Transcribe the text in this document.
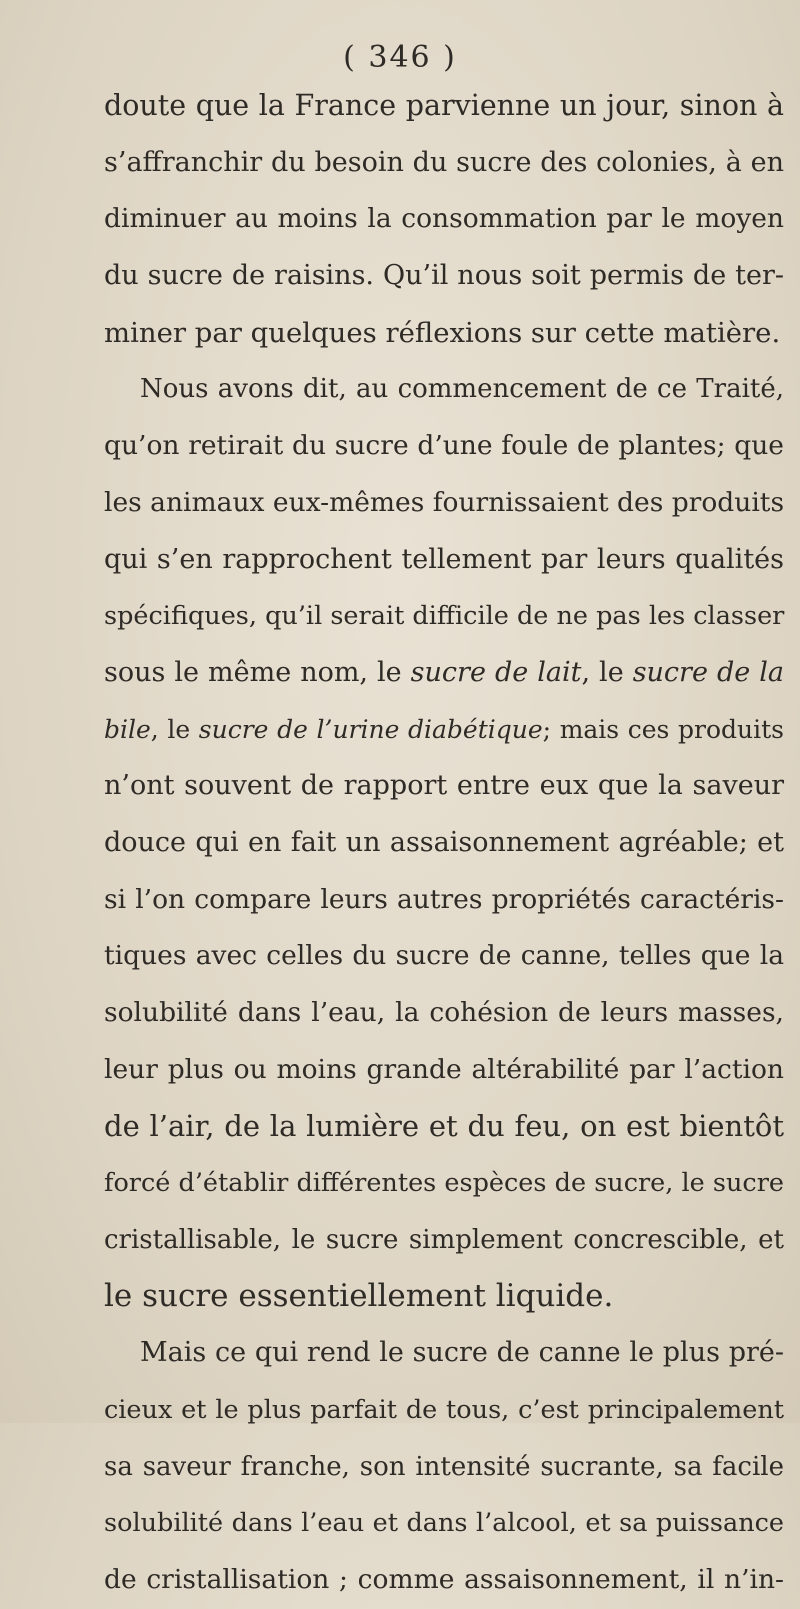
( 346 )
doute que la France parvienne un jour, sinon à
s’affranchir du besoin du sucre des colonies, à en
diminuer au moins la consommation par le moyen
du sucre de raisins. Qu’il nous soit permis de ter-
miner par quelques réflexions sur cette matière.
Nous avons dit, au commencement de ce Traité,
qu’on retirait du sucre d’une foule de plantes; que
les animaux eux-mêmes fournissaient des produits
qui s’en rapprochent tellement par leurs qualités
spécifiques, qu’il serait difficile de ne pas les classer
sous le même nom, le sucre de lait, le sucre de la
bile, le sucre de l’urine diabétique; mais ces produits
n’ont souvent de rapport entre eux que la saveur
douce qui en fait un assaisonnement agréable; et
si l’on compare leurs autres propriétés caractéris-
tiques avec celles du sucre de canne, telles que la
solubilité dans l’eau, la cohésion de leurs masses,
leur plus ou moins grande altérabilité par l’action
de l’air, de la lumière et du feu, on est bientôt
forcé d’établir différentes espèces de sucre, le sucre
cristallisable, le sucre simplement concrescible, et
le sucre essentiellement liquide.
Mais ce qui rend le sucre de canne le plus pré-
cieux et le plus parfait de tous, c’est principalement
sa saveur franche, son intensité sucrante, sa facile
solubilité dans l’eau et dans l’alcool, et sa puissance
de cristallisation ; comme assaisonnement, il n’in-
